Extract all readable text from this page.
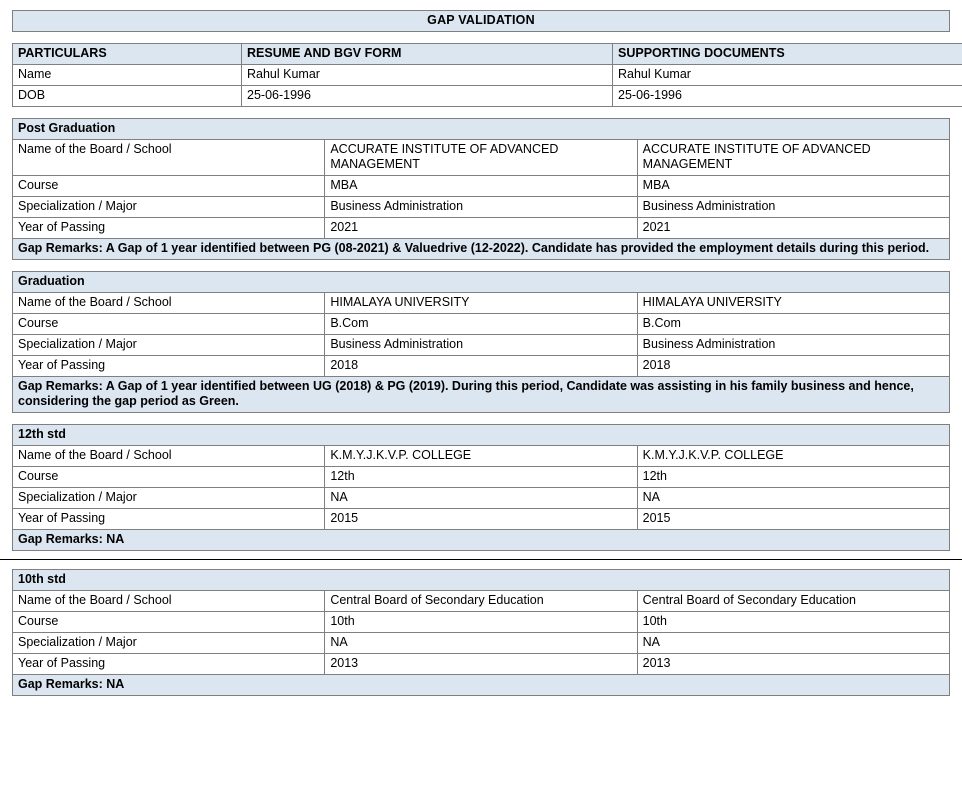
GAP VALIDATION
PARTICULARS	RESUME AND BGV FORM	SUPPORTING DOCUMENTS
Name	Rahul Kumar	Rahul Kumar
DOB	25-06-1996	25-06-1996
Post Graduation		
Name of the Board / School	ACCURATE INSTITUTE OF ADVANCED MANAGEMENT	ACCURATE INSTITUTE OF ADVANCED MANAGEMENT
Course	MBA	MBA
Specialization / Major	Business Administration	Business Administration
Year of Passing	2021	2021
Gap Remarks: A Gap of 1 year identified between PG (08-2021) & Valuedrive (12-2022). Candidate has provided the employment details during this period.		
Graduation		
Name of the Board / School	HIMALAYA UNIVERSITY	HIMALAYA UNIVERSITY
Course	B.Com	B.Com
Specialization / Major	Business Administration	Business Administration
Year of Passing	2018	2018
Gap Remarks: A Gap of 1 year identified between UG (2018) & PG (2019). During this period, Candidate was assisting in his family business and hence, considering the gap period as Green.		
12th std		
Name of the Board / School	K.M.Y.J.K.V.P. COLLEGE	K.M.Y.J.K.V.P. COLLEGE
Course	12th	12th
Specialization / Major	NA	NA
Year of Passing	2015	2015
Gap Remarks: NA		
10th std		
Name of the Board / School	Central Board of Secondary Education	Central Board of Secondary Education
Course	10th	10th
Specialization / Major	NA	NA
Year of Passing	2013	2013
Gap Remarks: NA		
